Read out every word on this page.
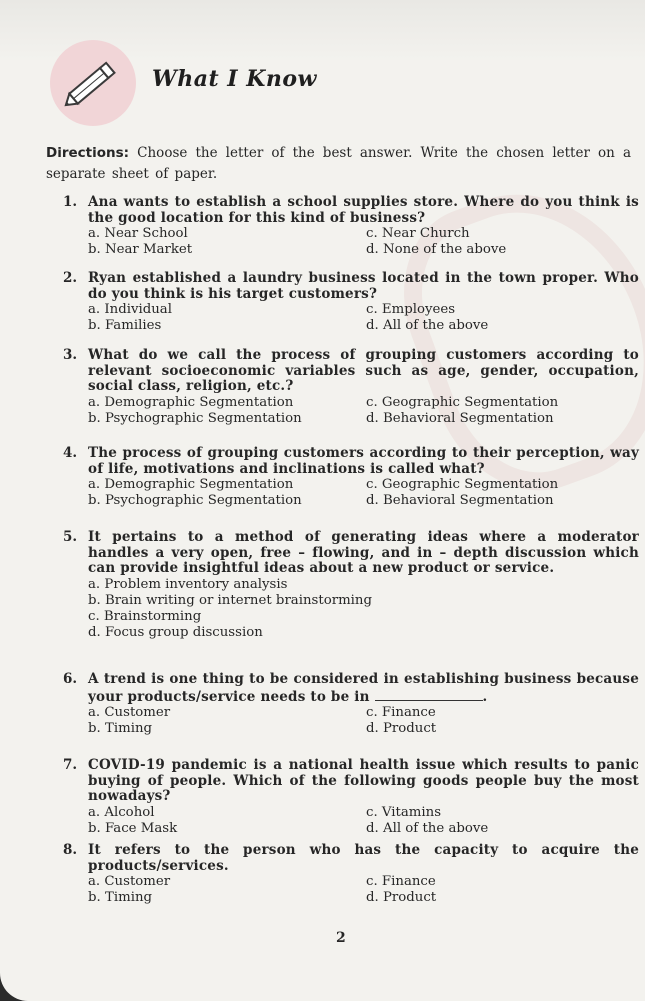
What I Know
Directions: Choose the letter of the best answer. Write the chosen letter on a separate sheet of paper.
1. Ana wants to establish a school supplies store. Where do you think is the good location for this kind of business?
a. Near School	c. Near Church
b. Near Market	d. None of the above
2. Ryan established a laundry business located in the town proper. Who do you think is his target customers?
a. Individual	c. Employees
b. Families	d. All of the above
3. What do we call the process of grouping customers according to relevant socioeconomic variables such as age, gender, occupation, social class, religion, etc.?
a. Demographic Segmentation	c. Geographic Segmentation
b. Psychographic Segmentation	d. Behavioral Segmentation
4. The process of grouping customers according to their perception, way of life, motivations and inclinations is called what?
a. Demographic Segmentation	c. Geographic Segmentation
b. Psychographic Segmentation	d. Behavioral Segmentation
5. It pertains to a method of generating ideas where a moderator handles a very open, free – flowing, and in – depth discussion which can provide insightful ideas about a new product or service.
a. Problem inventory analysis
b. Brain writing or internet brainstorming
c. Brainstorming
d. Focus group discussion
6. A trend is one thing to be considered in establishing business because your products/service needs to be in	.
a. Customer	c. Finance
b. Timing	d. Product
7. COVID-19 pandemic is a national health issue which results to panic buying of people. Which of the following goods people buy the most nowadays?
a. Alcohol	c. Vitamins
b. Face Mask	d. All of the above
8. It refers to the person who has the capacity to acquire the products/services.
a. Customer	c. Finance
b. Timing	d. Product
2
